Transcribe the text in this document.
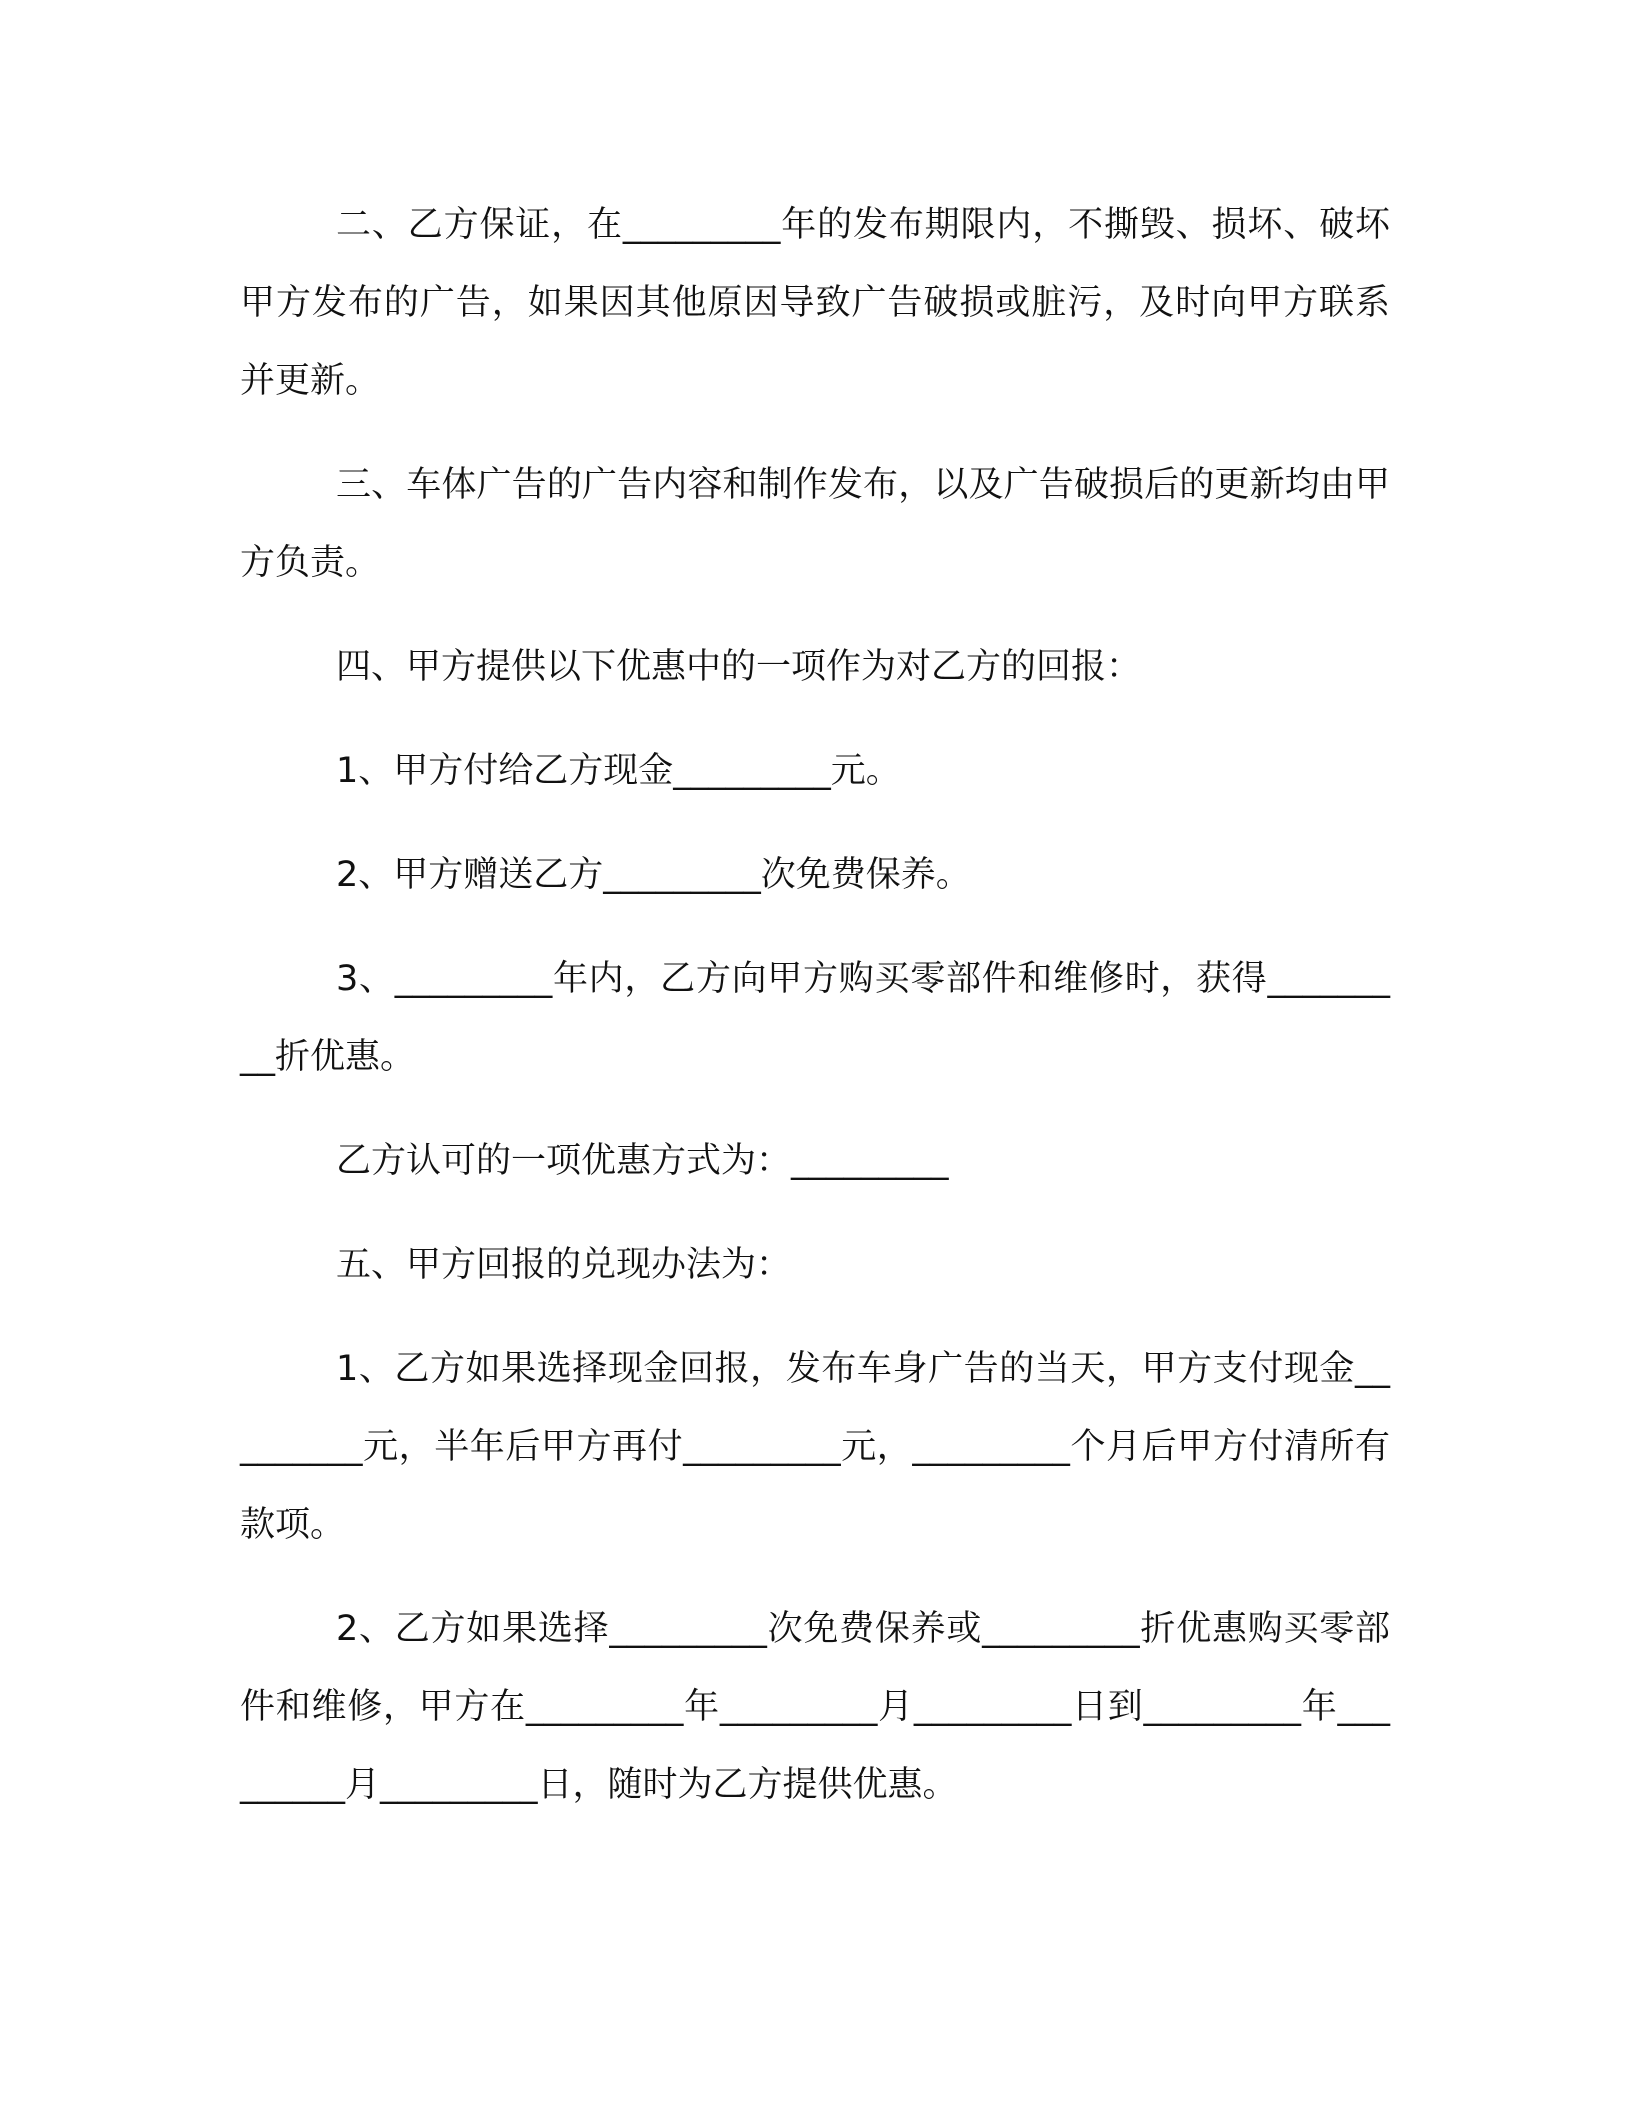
二、乙方保证，在_________年的发布期限内，不撕毁、损坏、破坏甲方发布的广告，如果因其他原因导致广告破损或脏污，及时向甲方联系并更新。

三、车体广告的广告内容和制作发布，以及广告破损后的更新均由甲方负责。

四、甲方提供以下优惠中的一项作为对乙方的回报：

1、甲方付给乙方现金_________元。

2、甲方赠送乙方_________次免费保养。

3、_________年内，乙方向甲方购买零部件和维修时，获得_________折优惠。

乙方认可的一项优惠方式为：_________

五、甲方回报的兑现办法为：

1、乙方如果选择现金回报，发布车身广告的当天，甲方支付现金_________元，半年后甲方再付_________元，_________个月后甲方付清所有款项。

2、乙方如果选择_________次免费保养或_________折优惠购买零部件和维修，甲方在_________年_________月_________日到_________年_________月_________日，随时为乙方提供优惠。
